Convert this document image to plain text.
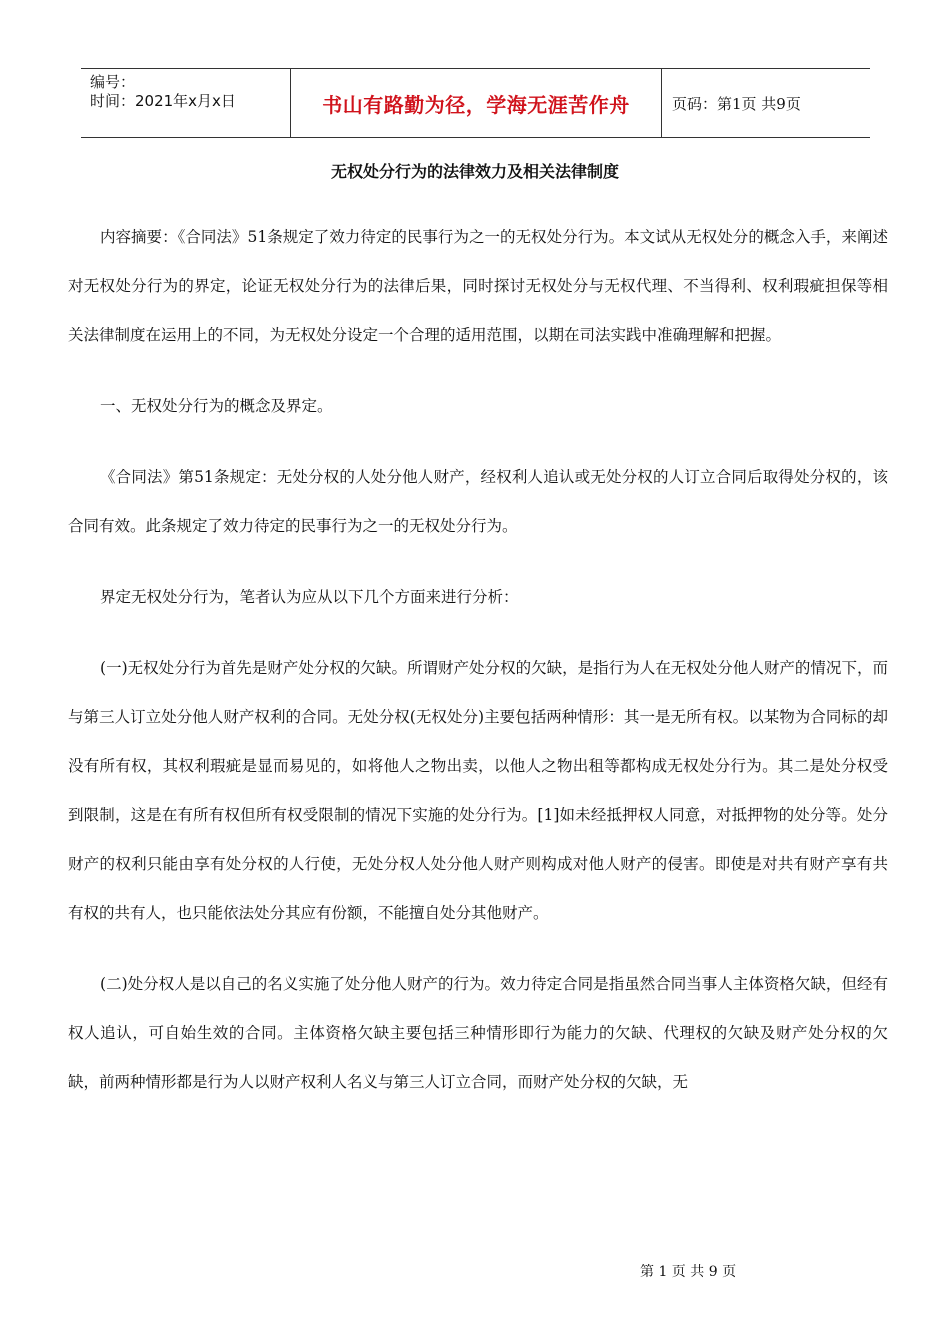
编号：
时间：2021年x月x日	书山有路勤为径，学海无涯苦作舟	页码：第1页 共9页
无权处分行为的法律效力及相关法律制度

内容摘要：《合同法》51条规定了效力待定的民事行为之一的无权处分行为。本文试从无权处分的概念入手，来阐述对无权处分行为的界定，论证无权处分行为的法律后果，同时探讨无权处分与无权代理、不当得利、权利瑕疵担保等相关法律制度在运用上的不同，为无权处分设定一个合理的适用范围，以期在司法实践中准确理解和把握。

一、无权处分行为的概念及界定。

《合同法》第51条规定：无处分权的人处分他人财产，经权利人追认或无处分权的人订立合同后取得处分权的，该合同有效。此条规定了效力待定的民事行为之一的无权处分行为。

界定无权处分行为，笔者认为应从以下几个方面来进行分析：

(一)无权处分行为首先是财产处分权的欠缺。所谓财产处分权的欠缺，是指行为人在无权处分他人财产的情况下，而与第三人订立处分他人财产权利的合同。无处分权(无权处分)主要包括两种情形：其一是无所有权。以某物为合同标的却没有所有权，其权利瑕疵是显而易见的，如将他人之物出卖，以他人之物出租等都构成无权处分行为。其二是处分权受到限制，这是在有所有权但所有权受限制的情况下实施的处分行为。[1]如未经抵押权人同意，对抵押物的处分等。处分财产的权利只能由享有处分权的人行使，无处分权人处分他人财产则构成对他人财产的侵害。即使是对共有财产享有共有权的共有人，也只能依法处分其应有份额，不能擅自处分其他财产。

(二)处分权人是以自己的名义实施了处分他人财产的行为。效力待定合同是指虽然合同当事人主体资格欠缺，但经有权人追认，可自始生效的合同。主体资格欠缺主要包括三种情形即行为能力的欠缺、代理权的欠缺及财产处分权的欠缺，前两种情形都是行为人以财产权利人名义与第三人订立合同，而财产处分权的欠缺，无

第 1 页 共 9 页
